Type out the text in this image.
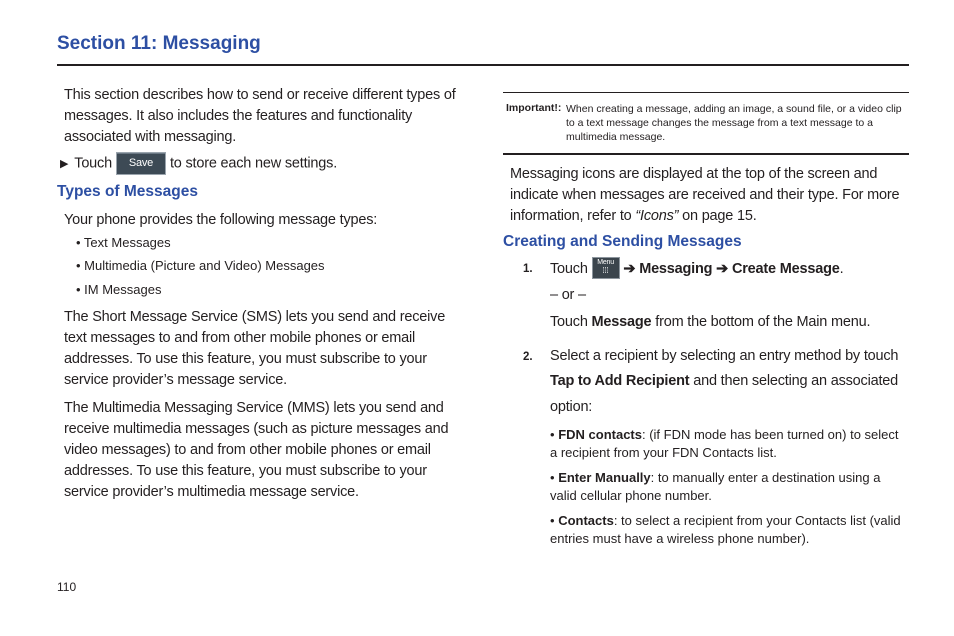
Section 11: Messaging
This section describes how to send or receive different types of messages. It also includes the features and functionality associated with messaging.
▶ Touch Save to store each new settings.
Types of Messages
Your phone provides the following message types:
• Text Messages
• Multimedia (Picture and Video) Messages
• IM Messages
The Short Message Service (SMS) lets you send and receive text messages to and from other mobile phones or email addresses. To use this feature, you must subscribe to your service provider’s message service.
The Multimedia Messaging Service (MMS) lets you send and receive multimedia messages (such as picture messages and video messages) to and from other mobile phones or email addresses. To use this feature, you must subscribe to your service provider’s multimedia message service.
Important!: When creating a message, adding an image, a sound file, or a video clip to a text message changes the message from a text message to a multimedia message.
Messaging icons are displayed at the top of the screen and indicate when messages are received and their type. For more information, refer to “Icons” on page 15.
Creating and Sending Messages
1. Touch Menu
⁞⁞⁞ ➔ Messaging ➔ Create Message.
– or –
Touch Message from the bottom of the Main menu.
2. Select a recipient by selecting an entry method by touch
Tap to Add Recipient and then selecting an associated
option:
• FDN contacts: (if FDN mode has been turned on) to select a recipient from your FDN Contacts list.
• Enter Manually: to manually enter a destination using a valid cellular phone number.
• Contacts: to select a recipient from your Contacts list (valid entries must have a wireless phone number).
110
